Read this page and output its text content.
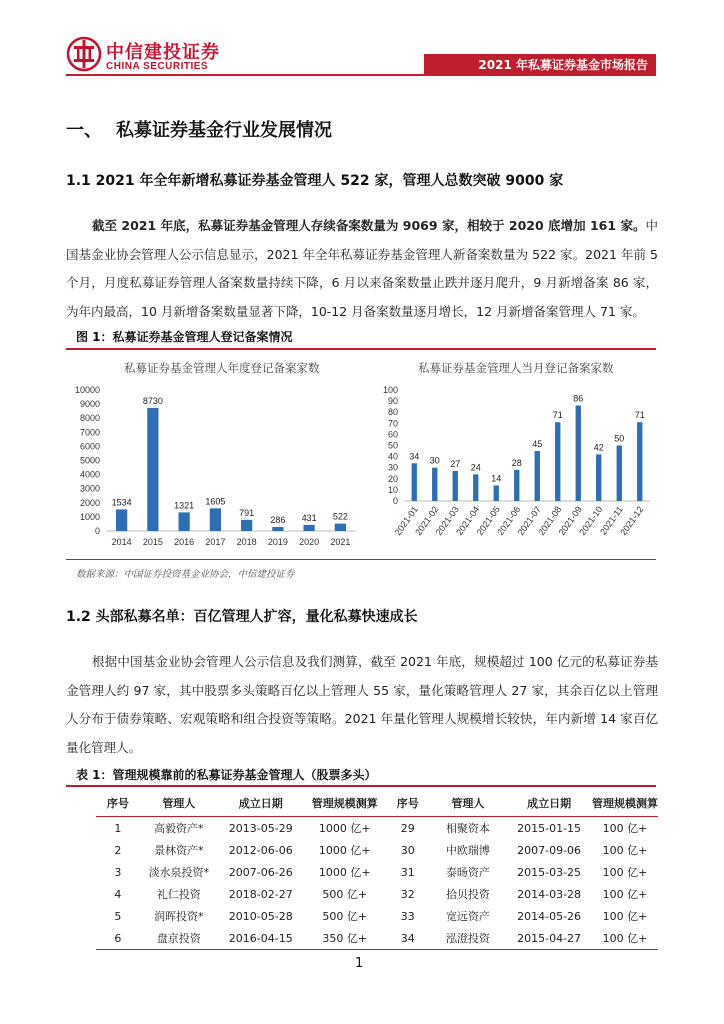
中信建投证券
CHINA SECURITIES	2021 年私募证券基金市场报告
一、 私募证券基金行业发展情况
1.1 2021 年全年新增私募证券基金管理人 522 家，管理人总数突破 9000 家

截至 2021 年底，私募证券基金管理人存续备案数量为 9069 家，相较于 2020 底增加 161 家。中国基金业协会管理人公示信息显示，2021 年全年私募证券基金管理人新备案数量为 522 家。2021 年前 5 个月，月度私募证券管理人备案数量持续下降，6 月以来备案数量止跌并逐月爬升，9 月新增备案 86 家，为年内最高，10 月新增备案数量显著下降，10-12 月备案数量逐月增长，12 月新增备案管理人 71 家。

图 1：私募证券基金管理人登记备案情况
私募证券基金管理人年度登记备案家数	私募证券基金管理人当月登记备案家数
0
1000
2000
3000
4000
5000
6000
7000
8000
9000
10000
1534
2014
8730
2015
1321
2016
1605
2017
791
2018
286
2019
431
2020
522
2021
0
10
20
30
40
50
60
70
80
90
100
34
2021-01
30
2021-02
27
2021-03
24
2021-04
14
2021-05
28
2021-06
45
2021-07
71
2021-08
86
2021-09
42
2021-10
50
2021-11
71
2021-12
数据来源：中国证券投资基金业协会，中信建投证券
1.2 头部私募名单：百亿管理人扩容，量化私募快速成长

根据中国基金业协会管理人公示信息及我们测算，截至 2021 年底，规模超过 100 亿元的私募证券基金管理人约 97 家，其中股票多头策略百亿以上管理人 55 家，量化策略管理人 27 家，其余百亿以上管理人分布于债券策略、宏观策略和组合投资等策略。2021 年量化管理人规模增长较快，年内新增 14 家百亿量化管理人。

表 1：管理规模靠前的私募证券基金管理人（股票多头）
序号	管理人	成立日期	管理规模测算	序号	管理人	成立日期	管理规模测算
1	高毅资产*	2013-05-29	1000 亿+	29	相聚资本	2015-01-15	100 亿+
2	景林资产*	2012-06-06	1000 亿+	30	中欧瑞博	2007-09-06	100 亿+
3	淡水泉投资*	2007-06-26	1000 亿+	31	泰旸资产	2015-03-25	100 亿+
4	礼仁投资	2018-02-27	500 亿+	32	拾贝投资	2014-03-28	100 亿+
5	润晖投资*	2010-05-28	500 亿+	33	宽远资产	2014-05-26	100 亿+
6	盘京投资	2016-04-15	350 亿+	34	泓澄投资	2015-04-27	100 亿+
1
